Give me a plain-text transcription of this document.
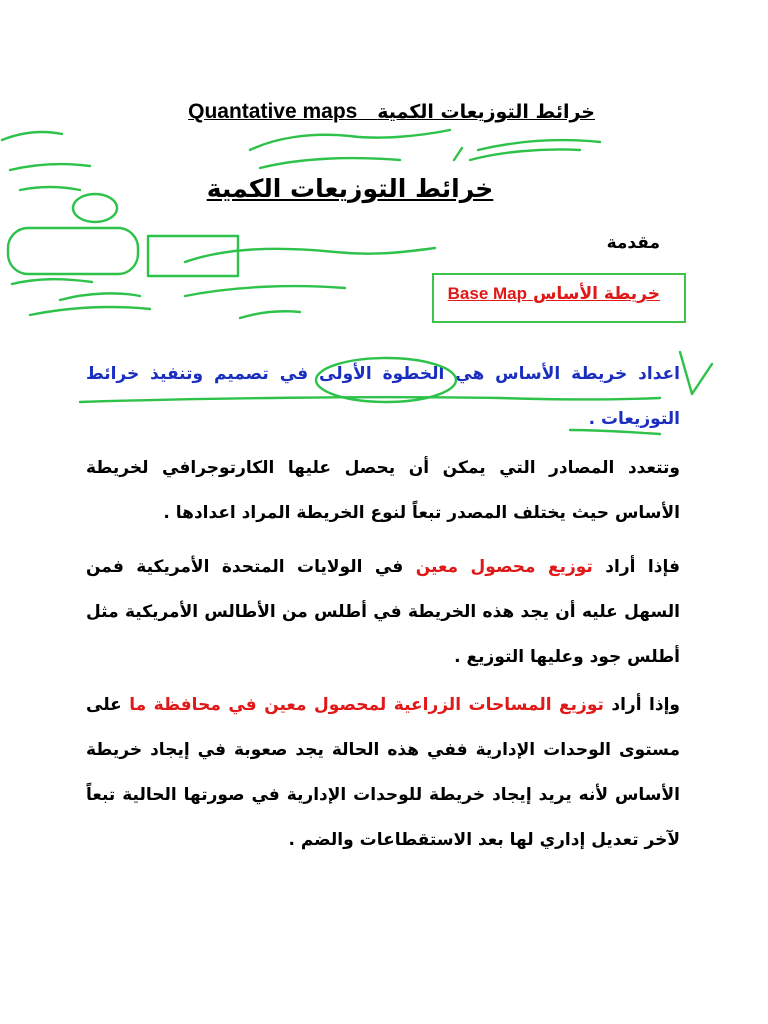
Quantative maps خرائط التوزيعات الكمية
خرائط التوزيعات الكمية
مقدمة
Base Map خريطة الأساس
اعداد خريطة الأساس هي الخطوة الأولى في تصميم وتنفيذ خرائط التوزيعات .
وتتعدد المصادر التي يمكن أن يحصل عليها الكارتوجرافي لخريطة الأساس حيث يختلف المصدر تبعاً لنوع الخريطة المراد اعدادها .
فإذا أراد توزيع محصول معين في الولايات المتحدة الأمريكية فمن السهل عليه أن يجد هذه الخريطة في أطلس من الأطالس الأمريكية مثل أطلس جود وعليها التوزيع .
وإذا أراد توزيع المساحات الزراعية لمحصول معين في محافظة ما على مستوى الوحدات الإدارية ففي هذه الحالة يجد صعوبة في إيجاد خريطة الأساس لأنه يريد إيجاد خريطة للوحدات الإدارية في صورتها الحالية تبعاً لآخر تعديل إداري لها بعد الاستقطاعات والضم .
